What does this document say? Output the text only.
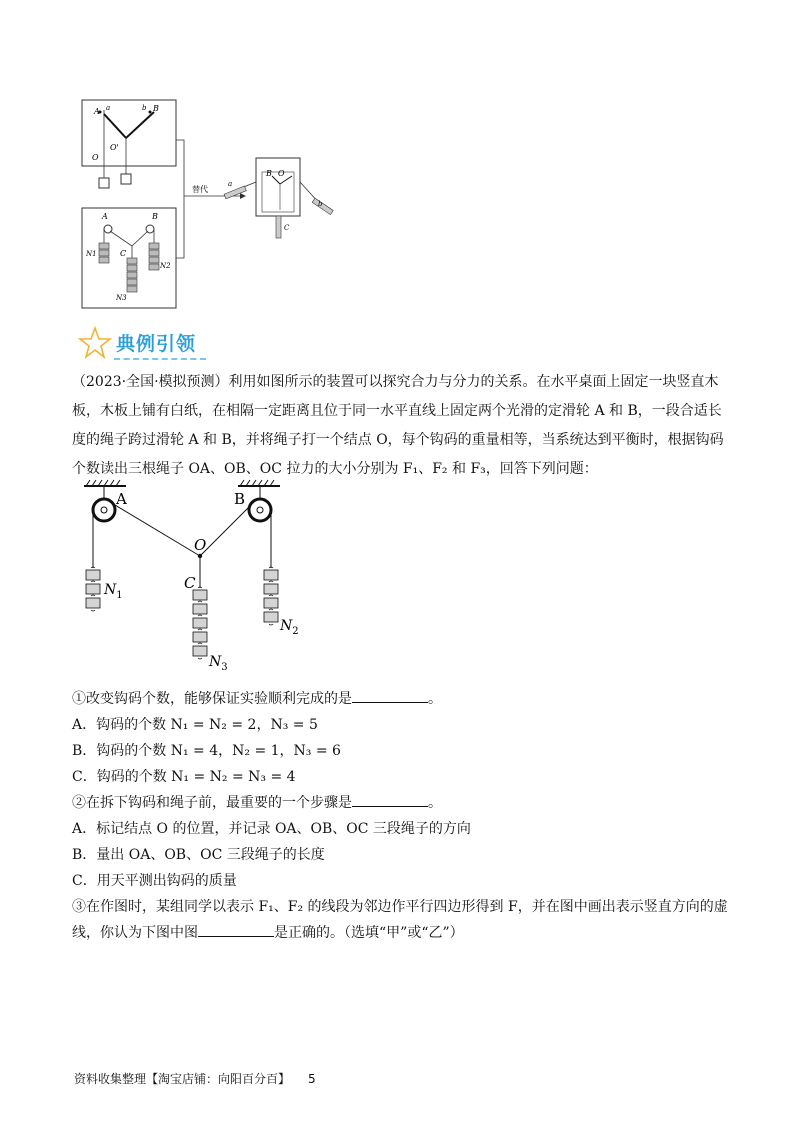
A a	b B
O'
O
A	B
C
N1
N2
N3
替代
B O
a
b
C
典例引领

（2023·全国·模拟预测）利用如图所示的装置可以探究合力与分力的关系。在水平桌面上固定一块竖直木

板，木板上铺有白纸，在相隔一定距离且位于同一水平直线上固定两个光滑的定滑轮 A 和 B，一段合适长

度的绳子跨过滑轮 A 和 B，并将绳子打一个结点 O，每个钩码的重量相等，当系统达到平衡时，根据钩码

个数读出三根绳子 OA、OB、OC 拉力的大小分别为 F₁、F₂ 和 F₃，回答下列问题：

A	B
O
C
$N_1$
$N_2$
$N_3$
①改变钩码个数，能够保证实验顺利完成的是	。
A．钩码的个数 N₁ = N₂ = 2，N₃ = 5
B．钩码的个数 N₁ = 4，N₂ = 1，N₃ = 6
C．钩码的个数 N₁ = N₂ = N₃ = 4
②在拆下钩码和绳子前，最重要的一个步骤是	。
A．标记结点 O 的位置，并记录 OA、OB、OC 三段绳子的方向
B．量出 OA、OB、OC 三段绳子的长度
C．用天平测出钩码的质量
③在作图时，某组同学以表示 F₁、F₂ 的线段为邻边作平行四边形得到 F，并在图中画出表示竖直方向的虚
线，你认为下图中图	是正确的。（选填“甲”或“乙”）
资料收集整理【淘宝店铺：向阳百分百】 5
